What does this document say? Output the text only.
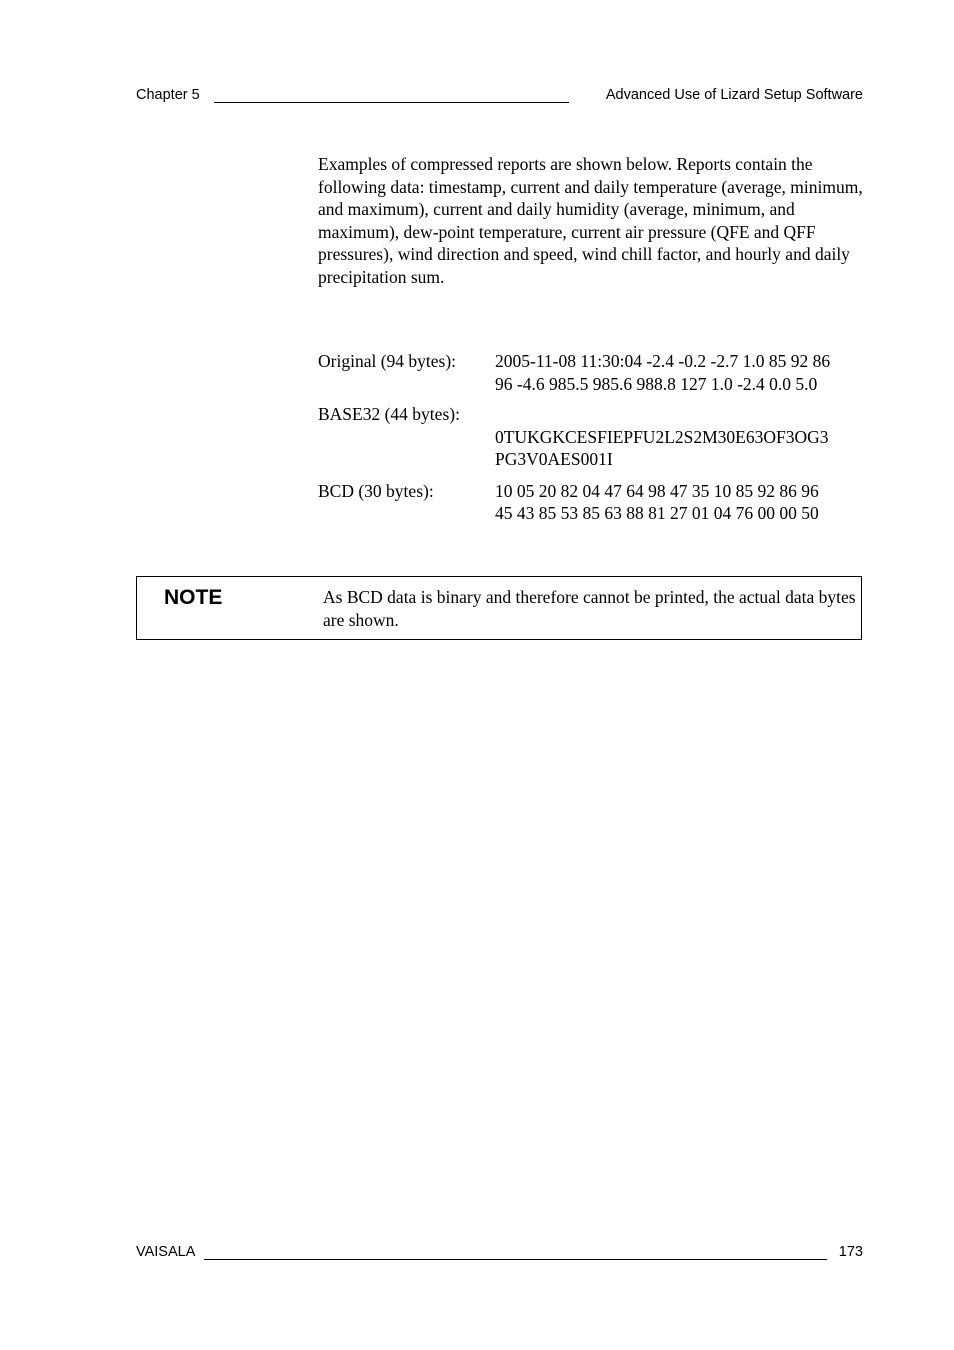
Chapter 5	Advanced Use of Lizard Setup Software
Examples of compressed reports are shown below. Reports contain the following data: timestamp, current and daily temperature (average, minimum, and maximum), current and daily humidity (average, minimum, and maximum), dew-point temperature, current air pressure (QFE and QFF pressures), wind direction and speed, wind chill factor, and hourly and daily precipitation sum.
Original (94 bytes): 2005-11-08 11:30:04 -2.4 -0.2 -2.7 1.0 85 92 86
96 -4.6 985.5 985.6 988.8 127 1.0 -2.4 0.0 5.0
BASE32 (44 bytes):
0TUKGKCESFIEPFU2L2S2M30E63OF3OG3
PG3V0AES001I
BCD (30 bytes):	10 05 20 82 04 47 64 98 47 35 10 85 92 86 96
45 43 85 53 85 63 88 81 27 01 04 76 00 00 50
NOTE	As BCD data is binary and therefore cannot be printed, the actual data bytes are shown.
VAISALA	173
